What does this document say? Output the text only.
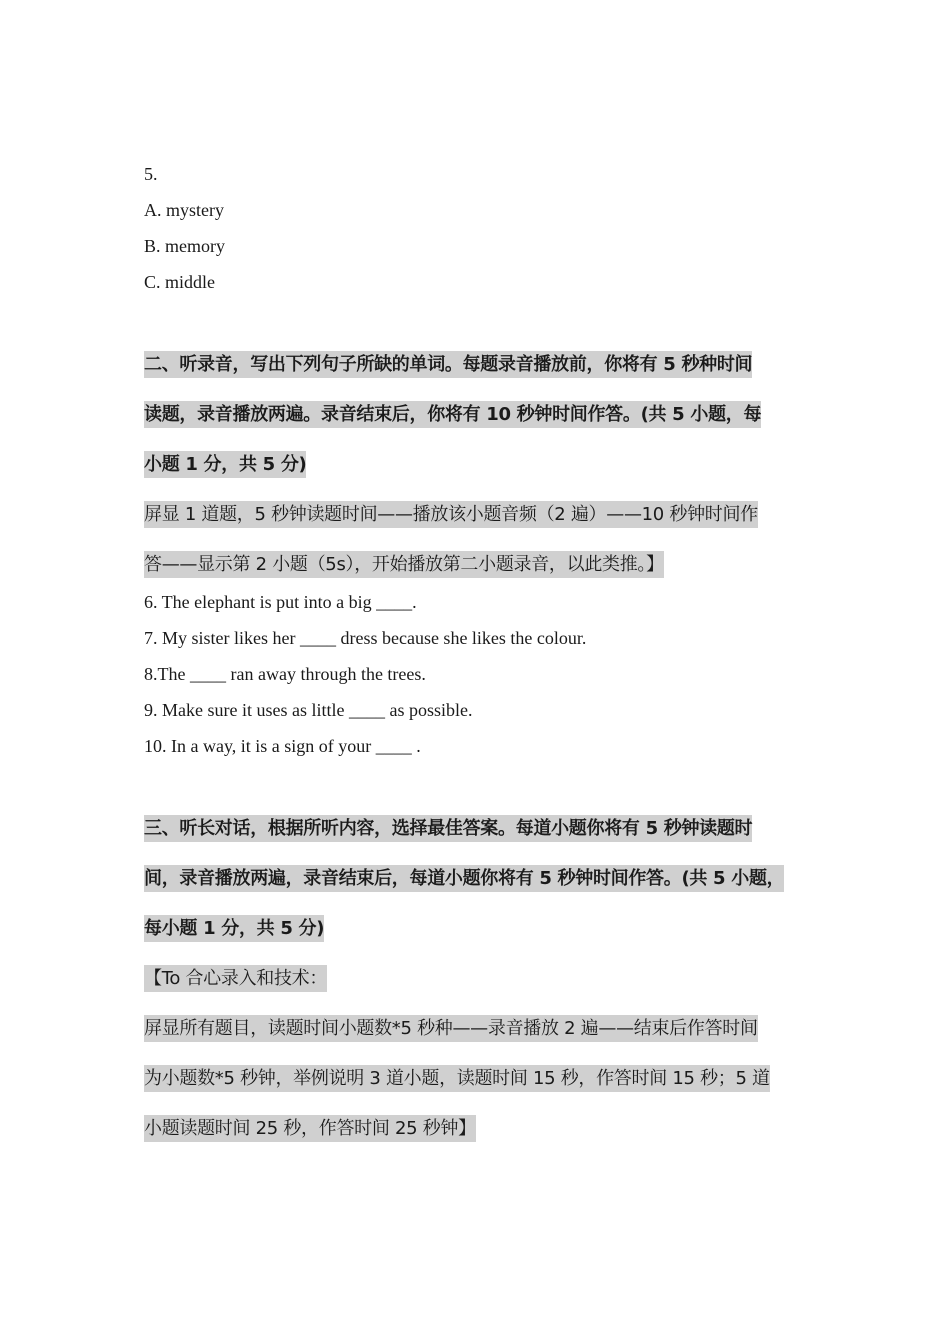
5.
A. mystery
B. memory
C. middle
二、听录音，写出下列句子所缺的单词。每题录音播放前，你将有 5 秒种时间
读题，录音播放两遍。录音结束后，你将有 10 秒钟时间作答。(共 5 小题，每
小题 1 分，共 5 分)
屏显 1 道题，5 秒钟读题时间——播放该小题音频（2 遍）——10 秒钟时间作
答——显示第 2 小题（5s），开始播放第二小题录音，以此类推。】
6. The elephant is put into a big ____.
7. My sister likes her ____ dress because she likes the colour.
8.The ____ ran away through the trees.
9. Make sure it uses as little ____ as possible.
10. In a way, it is a sign of your ____ .
三、听长对话，根据所听内容，选择最佳答案。每道小题你将有 5 秒钟读题时
间，录音播放两遍，录音结束后，每道小题你将有 5 秒钟时间作答。(共 5 小题，
每小题 1 分，共 5 分)
【To 合心录入和技术：
屏显所有题目，读题时间小题数*5 秒种——录音播放 2 遍——结束后作答时间
为小题数*5 秒钟，举例说明 3 道小题，读题时间 15 秒，作答时间 15 秒；5 道
小题读题时间 25 秒，作答时间 25 秒钟】
